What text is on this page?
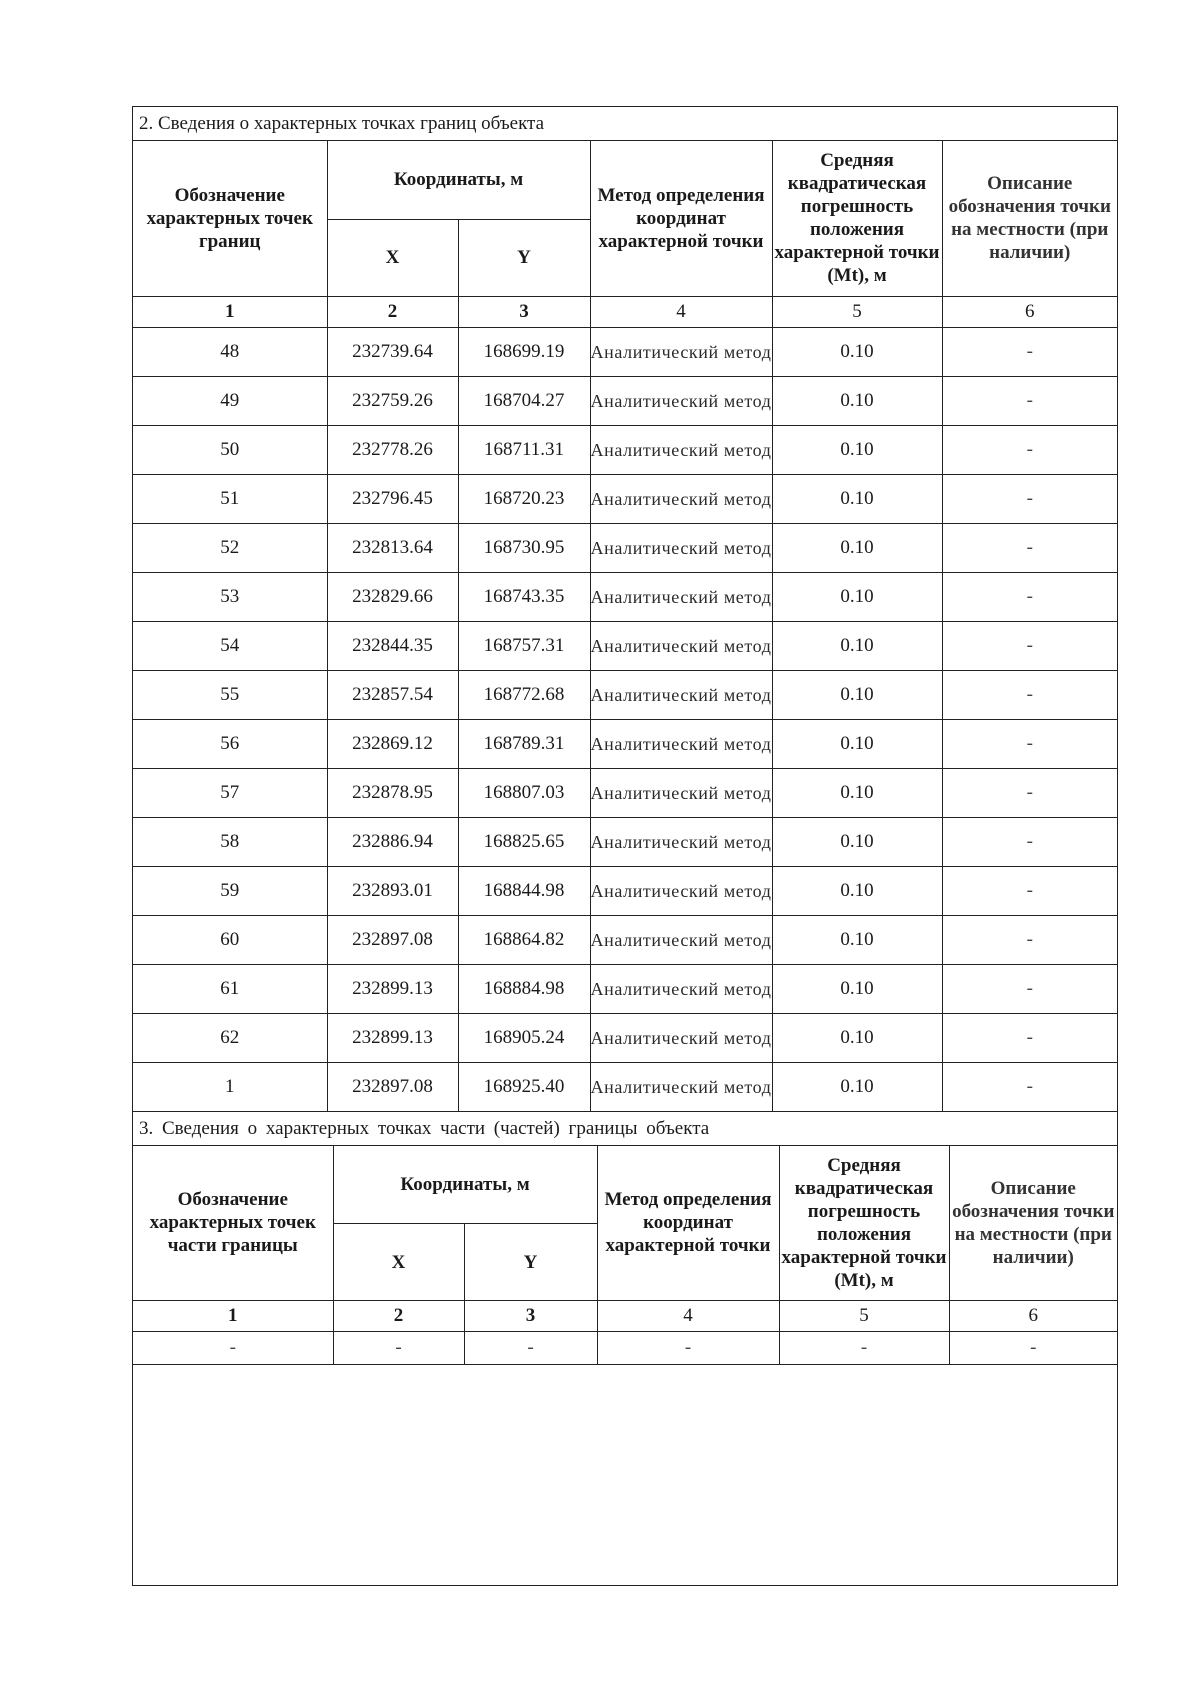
2. Сведения о характерных точках границ объекта
Обозначение характерных точек границ	Координаты, м		Метод определения координат характерной точки	Средняя квадратическая погрешность положения характерной точки (Mt), м	Описание обозначения точки на местности (при наличии)
	X	Y			
1	2	3	4	5	6
48	232739.64	168699.19	Аналитический метод	0.10	-
49	232759.26	168704.27	Аналитический метод	0.10	-
50	232778.26	168711.31	Аналитический метод	0.10	-
51	232796.45	168720.23	Аналитический метод	0.10	-
52	232813.64	168730.95	Аналитический метод	0.10	-
53	232829.66	168743.35	Аналитический метод	0.10	-
54	232844.35	168757.31	Аналитический метод	0.10	-
55	232857.54	168772.68	Аналитический метод	0.10	-
56	232869.12	168789.31	Аналитический метод	0.10	-
57	232878.95	168807.03	Аналитический метод	0.10	-
58	232886.94	168825.65	Аналитический метод	0.10	-
59	232893.01	168844.98	Аналитический метод	0.10	-
60	232897.08	168864.82	Аналитический метод	0.10	-
61	232899.13	168884.98	Аналитический метод	0.10	-
62	232899.13	168905.24	Аналитический метод	0.10	-
1	232897.08	168925.40	Аналитический метод	0.10	-
3. Сведения о характерных точках части (частей) границы объекта
Обозначение характерных точек части границы	Координаты, м		Метод определения координат характерной точки	Средняя квадратическая погрешность положения характерной точки (Mt), м	Описание обозначения точки на местности (при наличии)
	X	Y			
1	2	3	4	5	6
-	-	-	-	-	-
